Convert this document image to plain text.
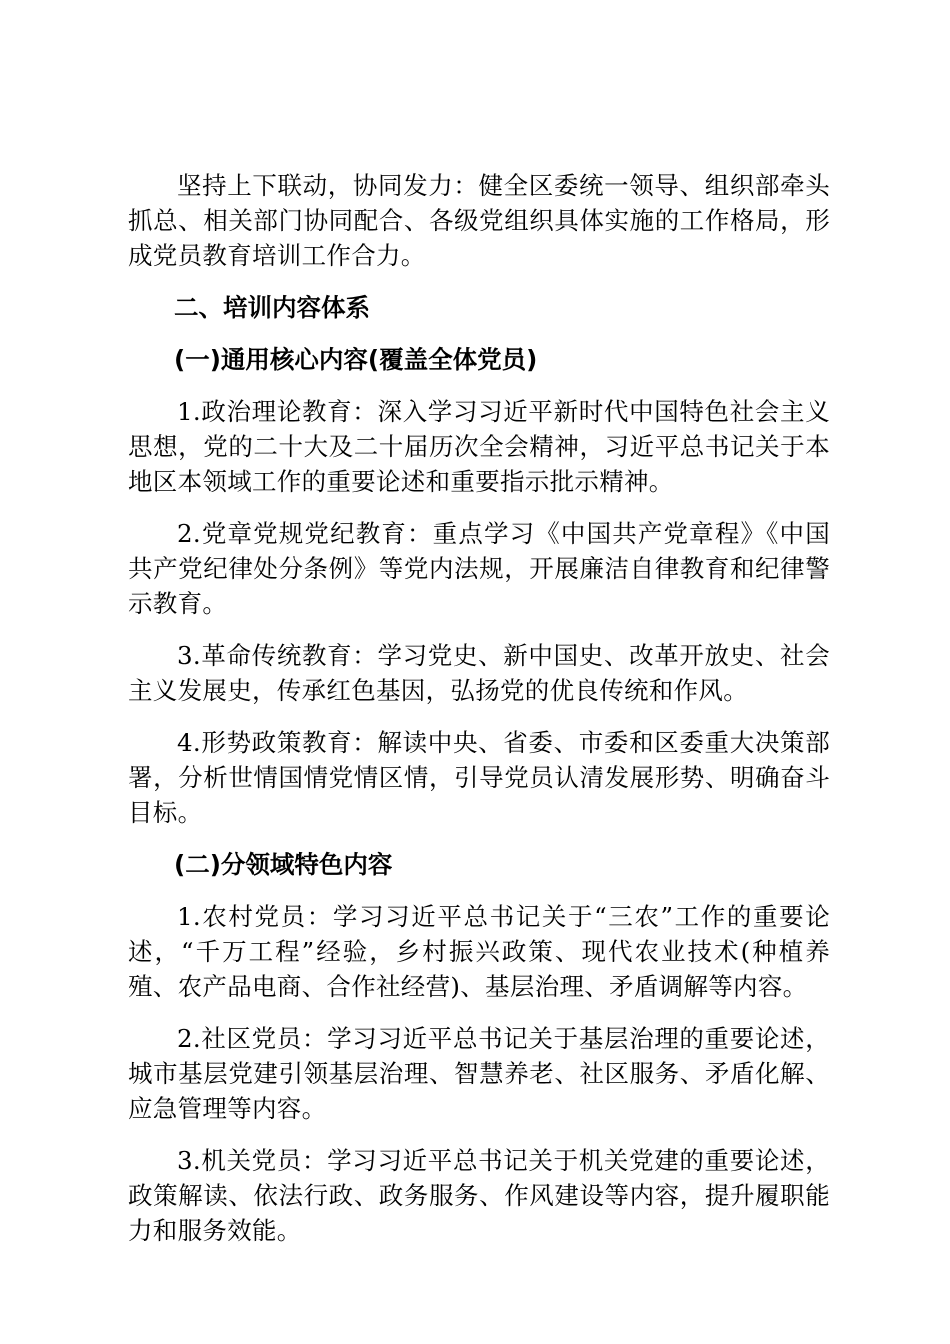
坚持上下联动，协同发力：健全区委统一领导、组织部牵头抓总、相关部门协同配合、各级党组织具体实施的工作格局，形成党员教育培训工作合力。

二、培训内容体系

(一)通用核心内容(覆盖全体党员)

1.政治理论教育：深入学习习近平新时代中国特色社会主义思想，党的二十大及二十届历次全会精神，习近平总书记关于本地区本领域工作的重要论述和重要指示批示精神。

2.党章党规党纪教育：重点学习《中国共产党章程》《中国共产党纪律处分条例》等党内法规，开展廉洁自律教育和纪律警示教育。

3.革命传统教育：学习党史、新中国史、改革开放史、社会主义发展史，传承红色基因，弘扬党的优良传统和作风。

4.形势政策教育：解读中央、省委、市委和区委重大决策部署，分析世情国情党情区情，引导党员认清发展形势、明确奋斗目标。

(二)分领域特色内容

1.农村党员：学习习近平总书记关于“三农”工作的重要论述，“千万工程”经验，乡村振兴政策、现代农业技术(种植养殖、农产品电商、合作社经营)、基层治理、矛盾调解等内容。

2.社区党员：学习习近平总书记关于基层治理的重要论述，城市基层党建引领基层治理、智慧养老、社区服务、矛盾化解、应急管理等内容。

3.机关党员：学习习近平总书记关于机关党建的重要论述，政策解读、依法行政、政务服务、作风建设等内容，提升履职能力和服务效能。
